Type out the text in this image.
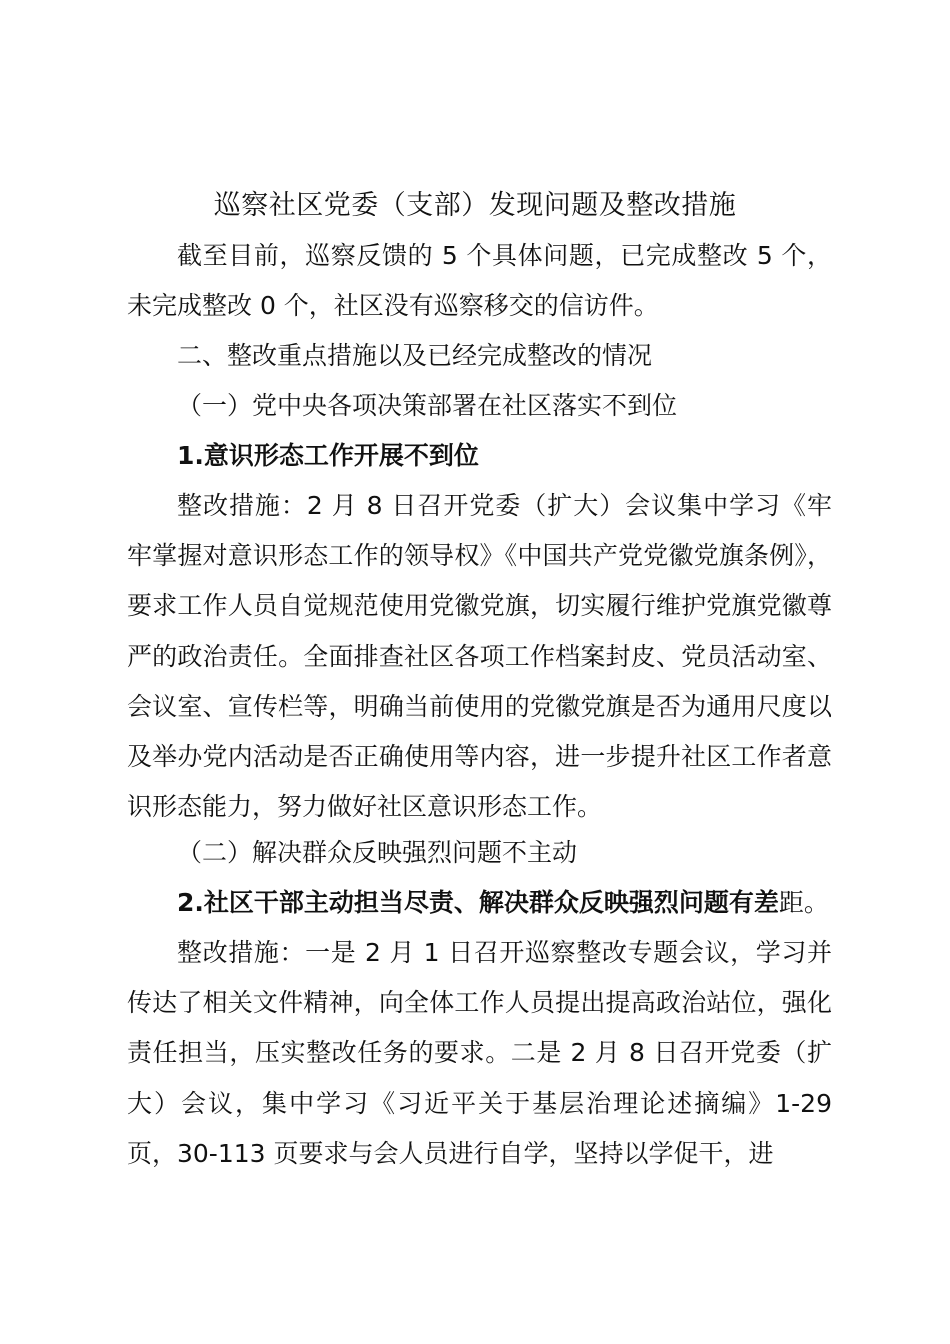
巡察社区党委（支部）发现问题及整改措施

截至目前，巡察反馈的 5 个具体问题，已完成整改 5 个，未完成整改 0 个，社区没有巡察移交的信访件。

二、整改重点措施以及已经完成整改的情况

（一）党中央各项决策部署在社区落实不到位

1.意识形态工作开展不到位

整改措施：2 月 8 日召开党委（扩大）会议集中学习《牢牢掌握对意识形态工作的领导权》《中国共产党党徽党旗条例》，要求工作人员自觉规范使用党徽党旗，切实履行维护党旗党徽尊严的政治责任。全面排查社区各项工作档案封皮、党员活动室、会议室、宣传栏等，明确当前使用的党徽党旗是否为通用尺度以及举办党内活动是否正确使用等内容，进一步提升社区工作者意识形态能力，努力做好社区意识形态工作。

（二）解决群众反映强烈问题不主动

2.社区干部主动担当尽责、解决群众反映强烈问题有差距。

整改措施：一是 2 月 1 日召开巡察整改专题会议，学习并传达了相关文件精神，向全体工作人员提出提高政治站位，强化责任担当，压实整改任务的要求。二是 2 月 8 日召开党委（扩大）会议，集中学习《习近平关于基层治理论述摘编》1-29 页，30-113 页要求与会人员进行自学，坚持以学促干，进
